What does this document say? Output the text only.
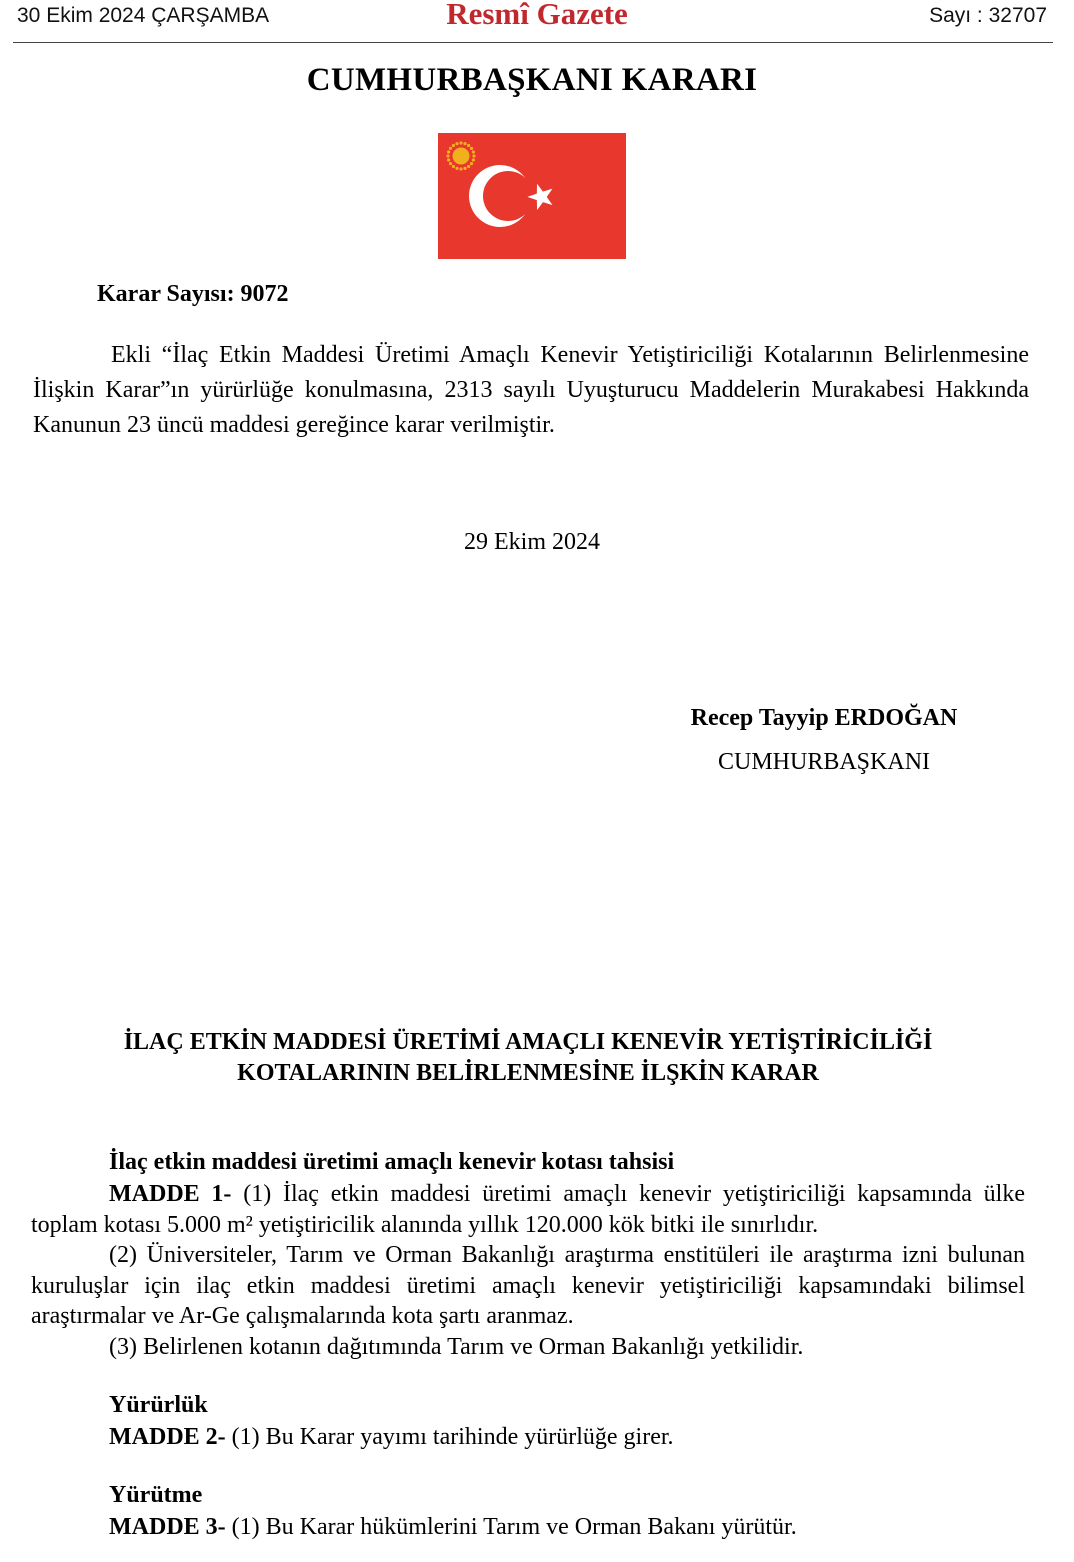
30 Ekim 2024 ÇARŞAMBA	Resmî Gazete	Sayı : 32707
CUMHURBAŞKANI KARARI
Karar Sayısı: 9072

Ekli “İlaç Etkin Maddesi Üretimi Amaçlı Kenevir Yetiştiriciliği Kotalarının Belirlenmesine İlişkin Karar”ın yürürlüğe konulmasına, 2313 sayılı Uyuşturucu Maddelerin Murakabesi Hakkında Kanunun 23 üncü maddesi gereğince karar verilmiştir.

29 Ekim 2024
Recep Tayyip ERDOĞAN
CUMHURBAŞKANI
İLAÇ ETKİN MADDESİ ÜRETİMİ AMAÇLI KENEVİR YETİŞTİRİCİLİĞİ
KOTALARININ BELİRLENMESİNE İLŞKİN KARAR
İlaç etkin maddesi üretimi amaçlı kenevir kotası tahsisi

MADDE 1- (1) İlaç etkin maddesi üretimi amaçlı kenevir yetiştiriciliği kapsamında ülke toplam kotası 5.000 m² yetiştiricilik alanında yıllık 120.000 kök bitki ile sınırlıdır.

(2) Üniversiteler, Tarım ve Orman Bakanlığı araştırma enstitüleri ile araştırma izni bulunan kuruluşlar için ilaç etkin maddesi üretimi amaçlı kenevir yetiştiriciliği kapsamındaki bilimsel araştırmalar ve Ar-Ge çalışmalarında kota şartı aranmaz.

(3) Belirlenen kotanın dağıtımında Tarım ve Orman Bakanlığı yetkilidir.

Yürürlük

MADDE 2- (1) Bu Karar yayımı tarihinde yürürlüğe girer.

Yürütme

MADDE 3- (1) Bu Karar hükümlerini Tarım ve Orman Bakanı yürütür.
